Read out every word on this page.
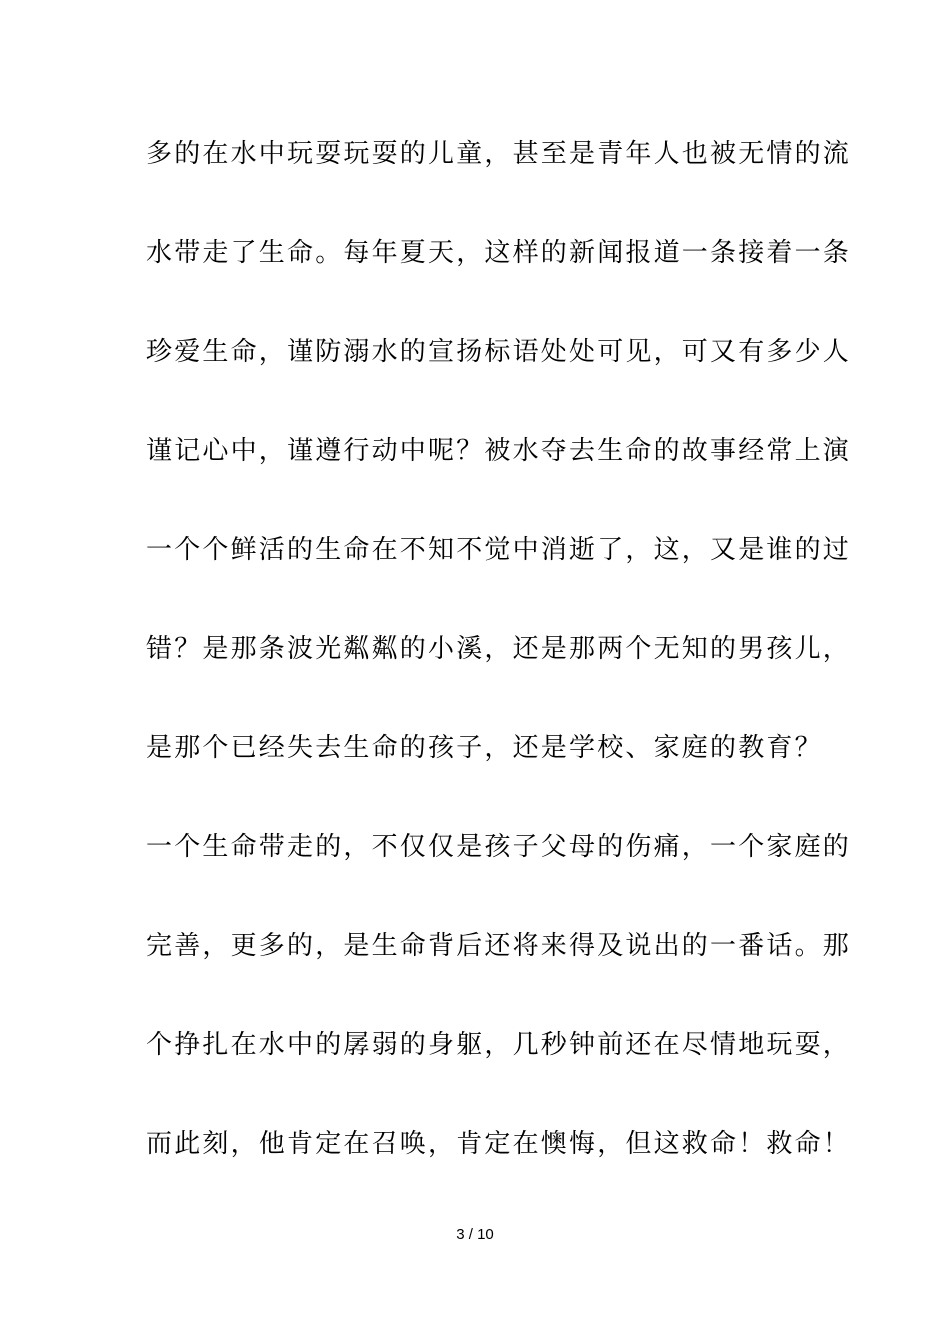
多的在水中玩耍玩耍的儿童，甚至是青年人也被无情的流
水带走了生命。每年夏天，这样的新闻报道一条接着一条
珍爱生命，谨防溺水的宣扬标语处处可见，可又有多少人
谨记心中，谨遵行动中呢？被水夺去生命的故事经常上演
一个个鲜活的生命在不知不觉中消逝了，这，又是谁的过
错？是那条波光粼粼的小溪，还是那两个无知的男孩儿，
是那个已经失去生命的孩子，还是学校、家庭的教育？
一个生命带走的，不仅仅是孩子父母的伤痛，一个家庭的
完善，更多的，是生命背后还将来得及说出的一番话。那
个挣扎在水中的孱弱的身躯，几秒钟前还在尽情地玩耍，
而此刻，他肯定在召唤，肯定在懊悔，但这救命！救命！
3 / 10
